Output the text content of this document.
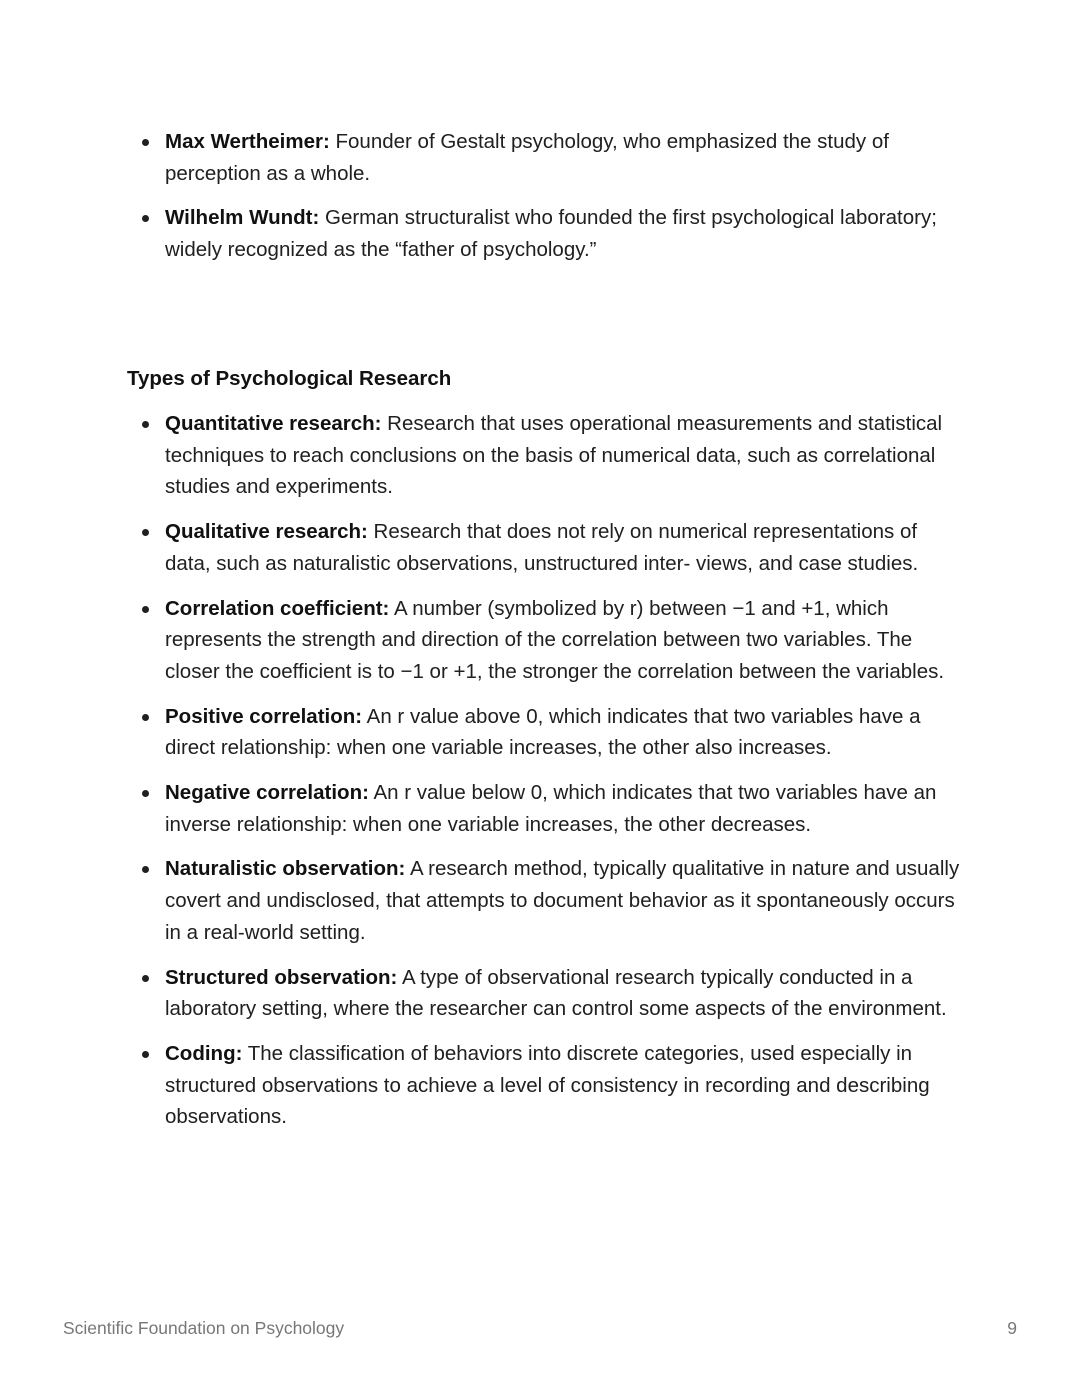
Max Wertheimer: Founder of Gestalt psychology, who emphasized the study of perception as a whole.
Wilhelm Wundt: German structuralist who founded the first psychological laboratory; widely recognized as the “father of psychology.”
Types of Psychological Research
Quantitative research: Research that uses operational measurements and statistical techniques to reach conclusions on the basis of numerical data, such as correlational studies and experiments.
Qualitative research: Research that does not rely on numerical representations of data, such as naturalistic observations, unstructured inter- views, and case studies.
Correlation coefficient: A number (symbolized by r) between −1 and +1, which represents the strength and direction of the correlation between two variables. The closer the coefficient is to −1 or +1, the stronger the correlation between the variables.
Positive correlation: An r value above 0, which indicates that two variables have a direct relationship: when one variable increases, the other also increases.
Negative correlation: An r value below 0, which indicates that two variables have an inverse relationship: when one variable increases, the other decreases.
Naturalistic observation: A research method, typically qualitative in nature and usually covert and undisclosed, that attempts to document behavior as it spontaneously occurs in a real-world setting.
Structured observation: A type of observational research typically conducted in a laboratory setting, where the researcher can control some aspects of the environment.
Coding: The classification of behaviors into discrete categories, used especially in structured observations to achieve a level of consistency in recording and describing observations.
Scientific Foundation on Psychology	9
